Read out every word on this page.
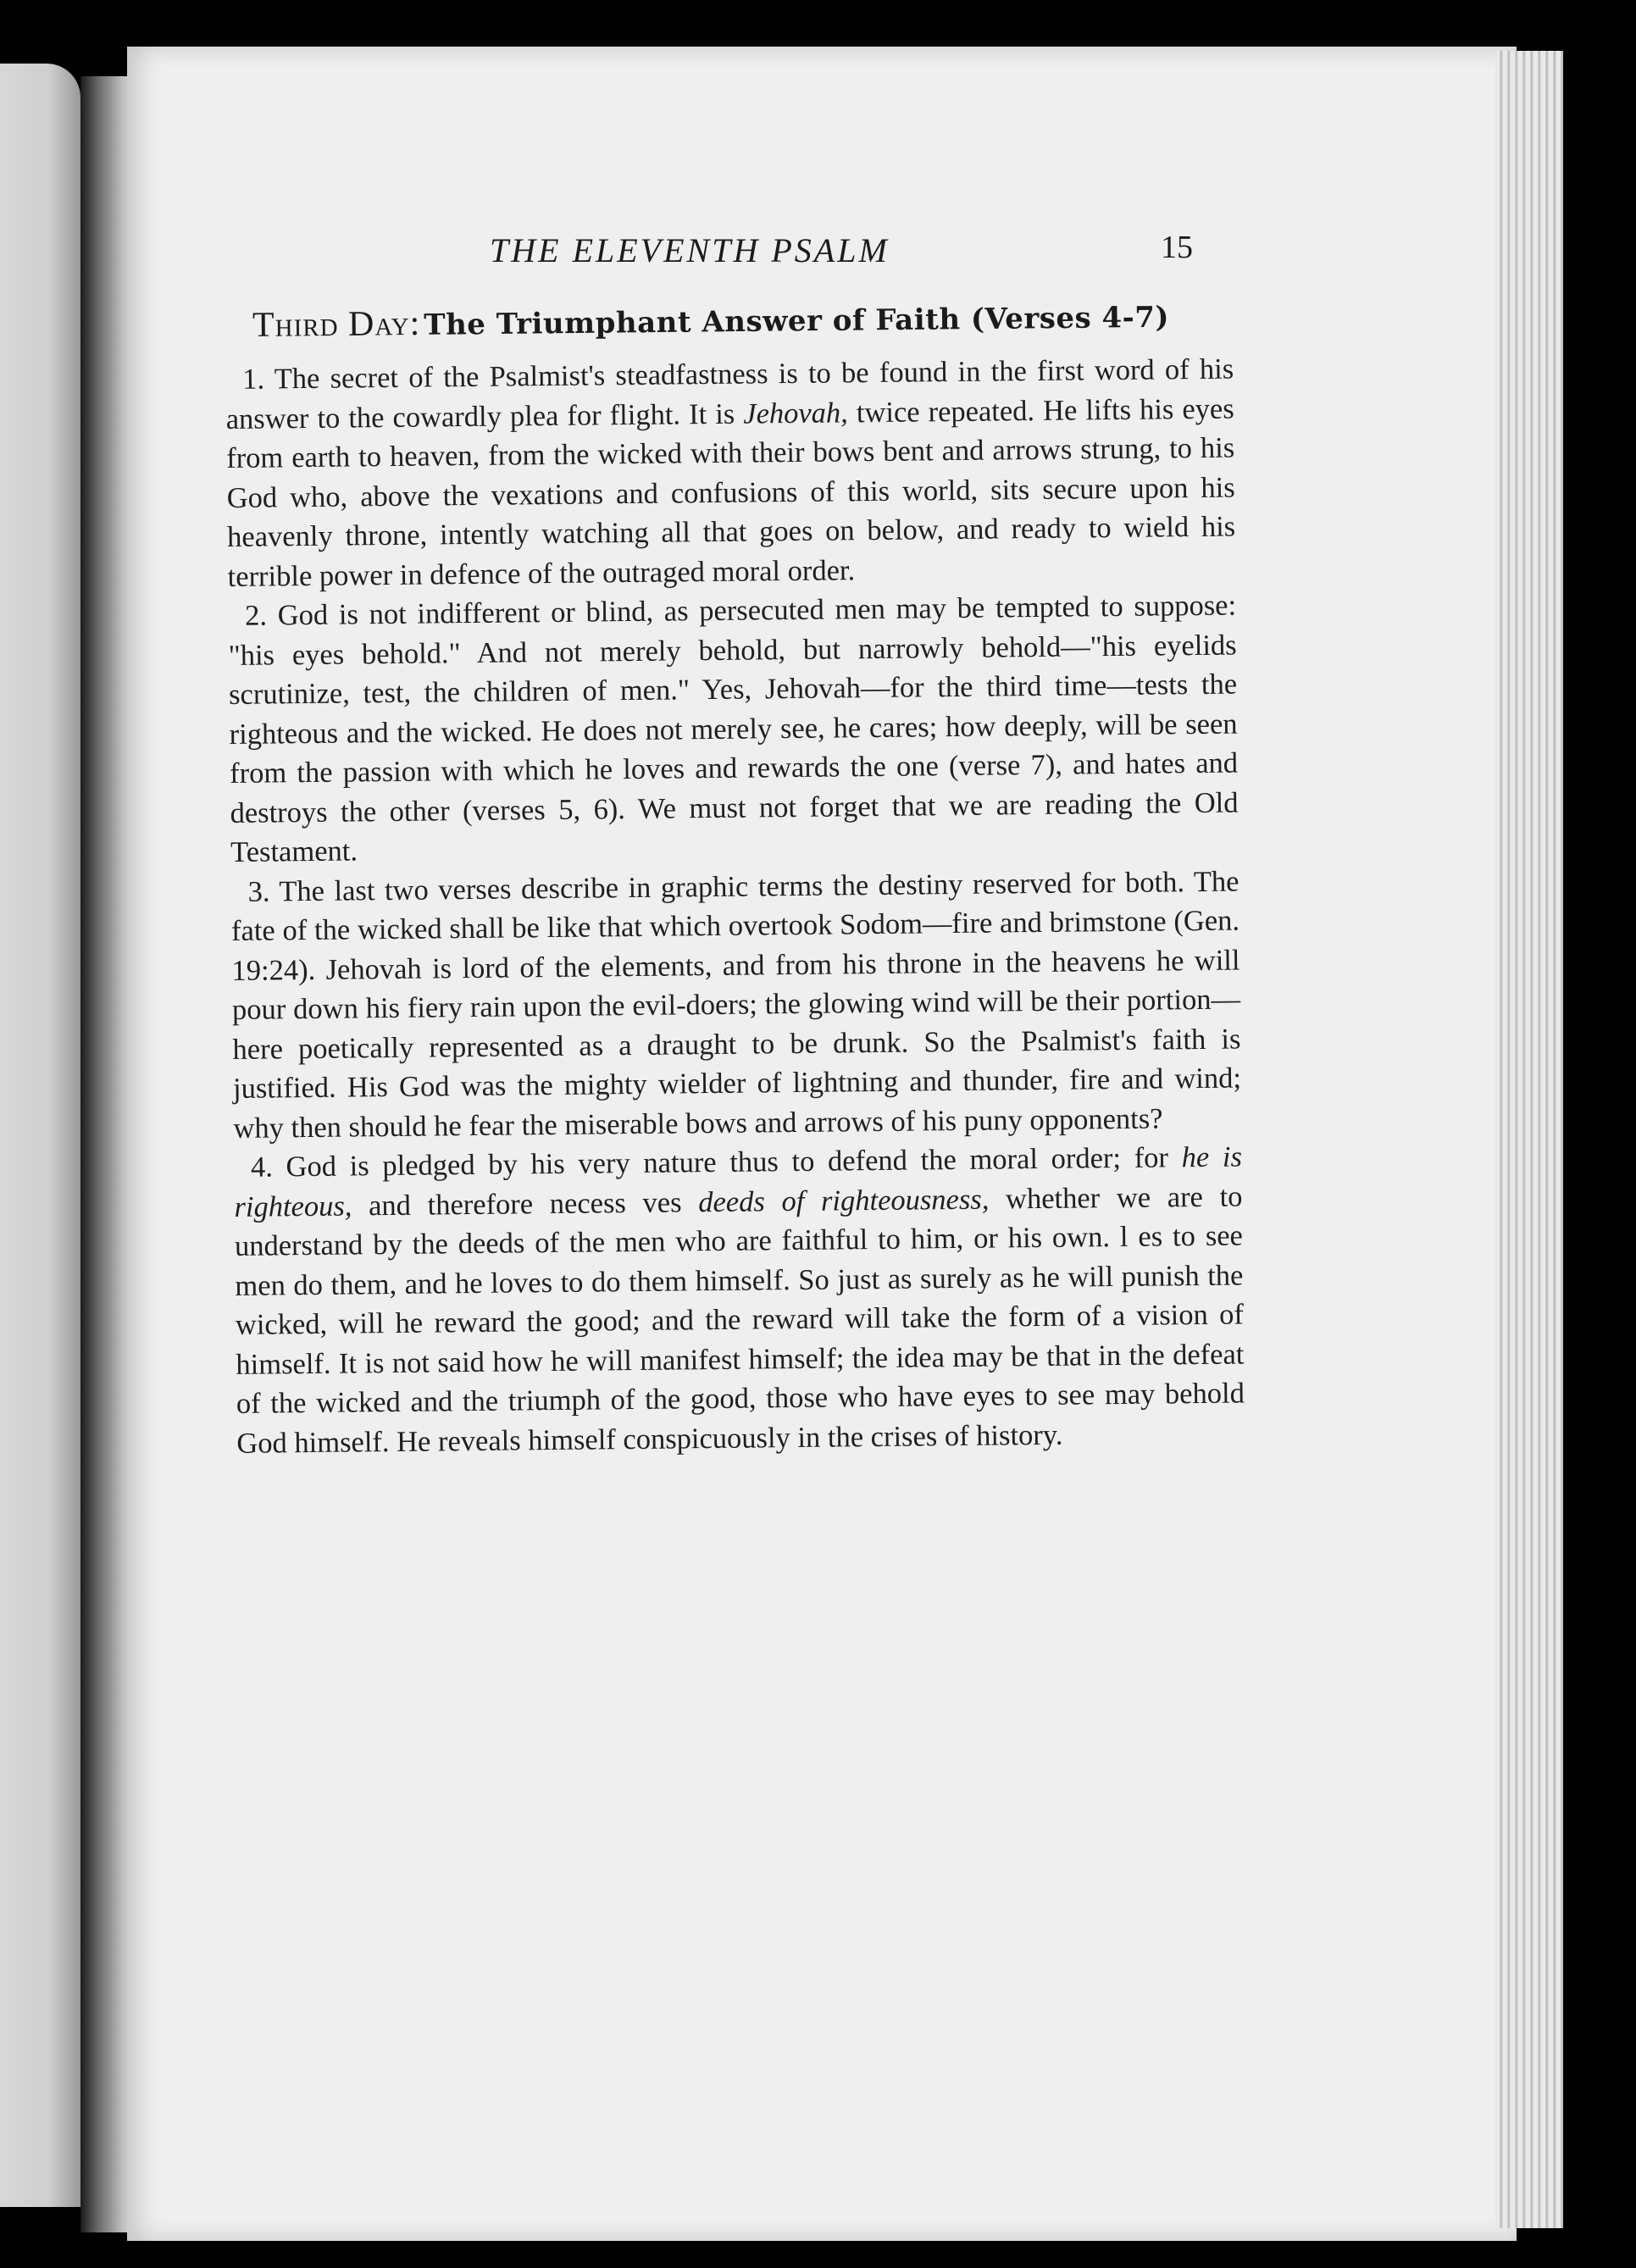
THE ELEVENTH PSALM	15
Third Day: The Triumphant Answer of Faith (Verses 4-7)

1. The secret of the Psalmist's steadfastness is to be found in the first word of his answer to the cowardly plea for flight. It is Jehovah, twice repeated. He lifts his eyes from earth to heaven, from the wicked with their bows bent and arrows strung, to his God who, above the vexations and confusions of this world, sits secure upon his heavenly throne, intently watching all that goes on below, and ready to wield his terrible power in defence of the outraged moral order.

2. God is not indifferent or blind, as persecuted men may be tempted to suppose: "his eyes behold." And not merely behold, but narrowly behold—"his eyelids scrutinize, test, the children of men." Yes, Jehovah—for the third time—tests the righteous and the wicked. He does not merely see, he cares; how deeply, will be seen from the passion with which he loves and rewards the one (verse 7), and hates and destroys the other (verses 5, 6). We must not forget that we are reading the Old Testament.

3. The last two verses describe in graphic terms the destiny reserved for both. The fate of the wicked shall be like that which overtook Sodom—fire and brimstone (Gen. 19:24). Jehovah is lord of the elements, and from his throne in the heavens he will pour down his fiery rain upon the evil-doers; the glowing wind will be their portion—here poetically represented as a draught to be drunk. So the Psalmist's faith is justified. His God was the mighty wielder of lightning and thunder, fire and wind; why then should he fear the miserable bows and arrows of his puny opponents?

4. God is pledged by his very nature thus to defend the moral order; for he is righteous, and therefore necess ves deeds of righteousness, whether we are to understand by the deeds of the men who are faithful to him, or his own. l es to see men do them, and he loves to do them himself. So just as surely as he will punish the wicked, will he reward the good; and the reward will take the form of a vision of himself. It is not said how he will manifest himself; the idea may be that in the defeat of the wicked and the triumph of the good, those who have eyes to see may behold God himself. He reveals himself conspicuously in the crises of history.
